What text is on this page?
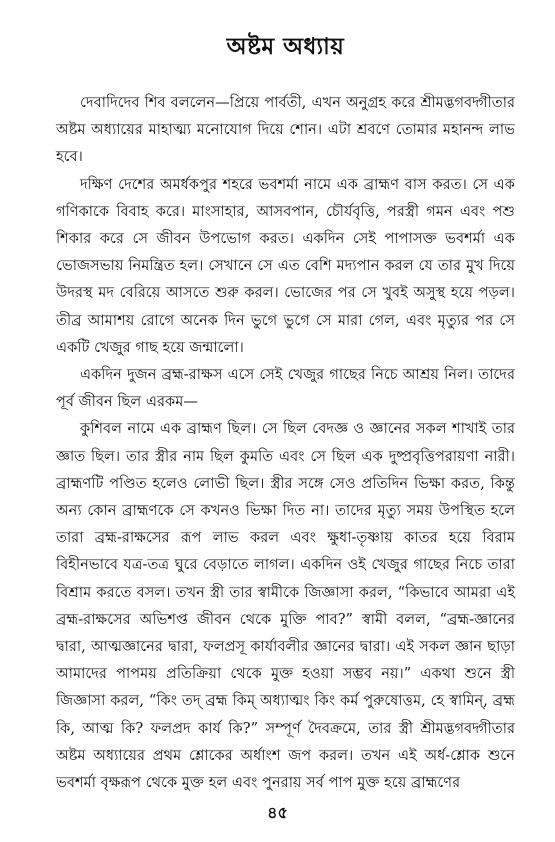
অষ্টম অধ্যায়

দেবাদিদেব শিব বললেন—প্রিয়ে পার্বতী, এখন অনুগ্রহ করে শ্রীমদ্ভগবদ্গীতার অষ্টম অধ্যায়ের মাহাত্ম্য মনোযোগ দিয়ে শোন। এটা শ্রবণে তোমার মহানন্দ লাভ হবে।

দক্ষিণ দেশের অমর্ধকপুর শহরে ভবশর্মা নামে এক ব্রাহ্মণ বাস করত। সে এক গণিকাকে বিবাহ করে। মাংসাহার, আসবপান, চৌর্যবৃত্তি, পরস্ত্রী গমন এবং পশু শিকার করে সে জীবন উপভোগ করত। একদিন সেই পাপাসক্ত ভবশর্মা এক ভোজসভায় নিমন্ত্রিত হল। সেখানে সে এত বেশি মদ্যপান করল যে তার মুখ দিয়ে উদরস্থ মদ বেরিয়ে আসতে শুরু করল। ভোজের পর সে খুবই অসুস্থ হয়ে পড়ল। তীব্র আমাশয় রোগে অনেক দিন ভুগে ভুগে সে মারা গেল, এবং মৃত্যুর পর সে একটি খেজুর গাছ হয়ে জন্মালো।

একদিন দুজন ব্রহ্ম-রাক্ষস এসে সেই খেজুর গাছের নিচে আশ্রয় নিল। তাদের পূর্ব জীবন ছিল এরকম—

কুশিবল নামে এক ব্রাহ্মণ ছিল। সে ছিল বেদজ্ঞ ও জ্ঞানের সকল শাখাই তার জ্ঞাত ছিল। তার স্ত্রীর নাম ছিল কুমতি এবং সে ছিল এক দুষ্প্রবৃত্তিপরায়ণা নারী। ব্রাহ্মণটি পণ্ডিত হলেও লোভী ছিল। স্ত্রীর সঙ্গে সেও প্রতিদিন ভিক্ষা করত, কিন্তু অন্য কোন ব্রাহ্মণকে সে কখনও ভিক্ষা দিত না। তাদের মৃত্যু সময় উপস্থিত হলে তারা ব্রহ্ম-রাক্ষসের রূপ লাভ করল এবং ক্ষুধা-তৃষ্ণায় কাতর হয়ে বিরাম বিহীনভাবে যত্র-তত্র ঘুরে বেড়াতে লাগল। একদিন ওই খেজুর গাছের নিচে তারা বিশ্রাম করতে বসল। তখন স্ত্রী তার স্বামীকে জিজ্ঞাসা করল, “কিভাবে আমরা এই ব্রহ্ম-রাক্ষসের অভিশপ্ত জীবন থেকে মুক্তি পাব?” স্বামী বলল, “ব্রহ্ম-জ্ঞানের দ্বারা, আত্মজ্ঞানের দ্বারা, ফলপ্রসূ কার্যাবলীর জ্ঞানের দ্বারা। এই সকল জ্ঞান ছাড়া আমাদের পাপময় প্রতিক্রিয়া থেকে মুক্ত হওয়া সম্ভব নয়।” একথা শুনে স্ত্রী জিজ্ঞাসা করল, “কিং তদ্ ব্রহ্ম কিম্ অধ্যাত্মং কিং কর্ম পুরুষোত্তম, হে স্বামিন্, ব্রহ্ম কি, আত্ম কি? ফলপ্রদ কার্য কি?” সম্পূর্ণ দৈবক্রমে, তার স্ত্রী শ্রীমদ্ভগবদ্গীতার অষ্টম অধ্যায়ের প্রথম শ্লোকের অর্ধাংশ জপ করল। তখন এই অর্ধ-শ্লোক শুনে ভবশর্মা বৃক্ষরূপ থেকে মুক্ত হল এবং পুনরায় সর্ব পাপ মুক্ত হয়ে ব্রাহ্মণের

৪৫
